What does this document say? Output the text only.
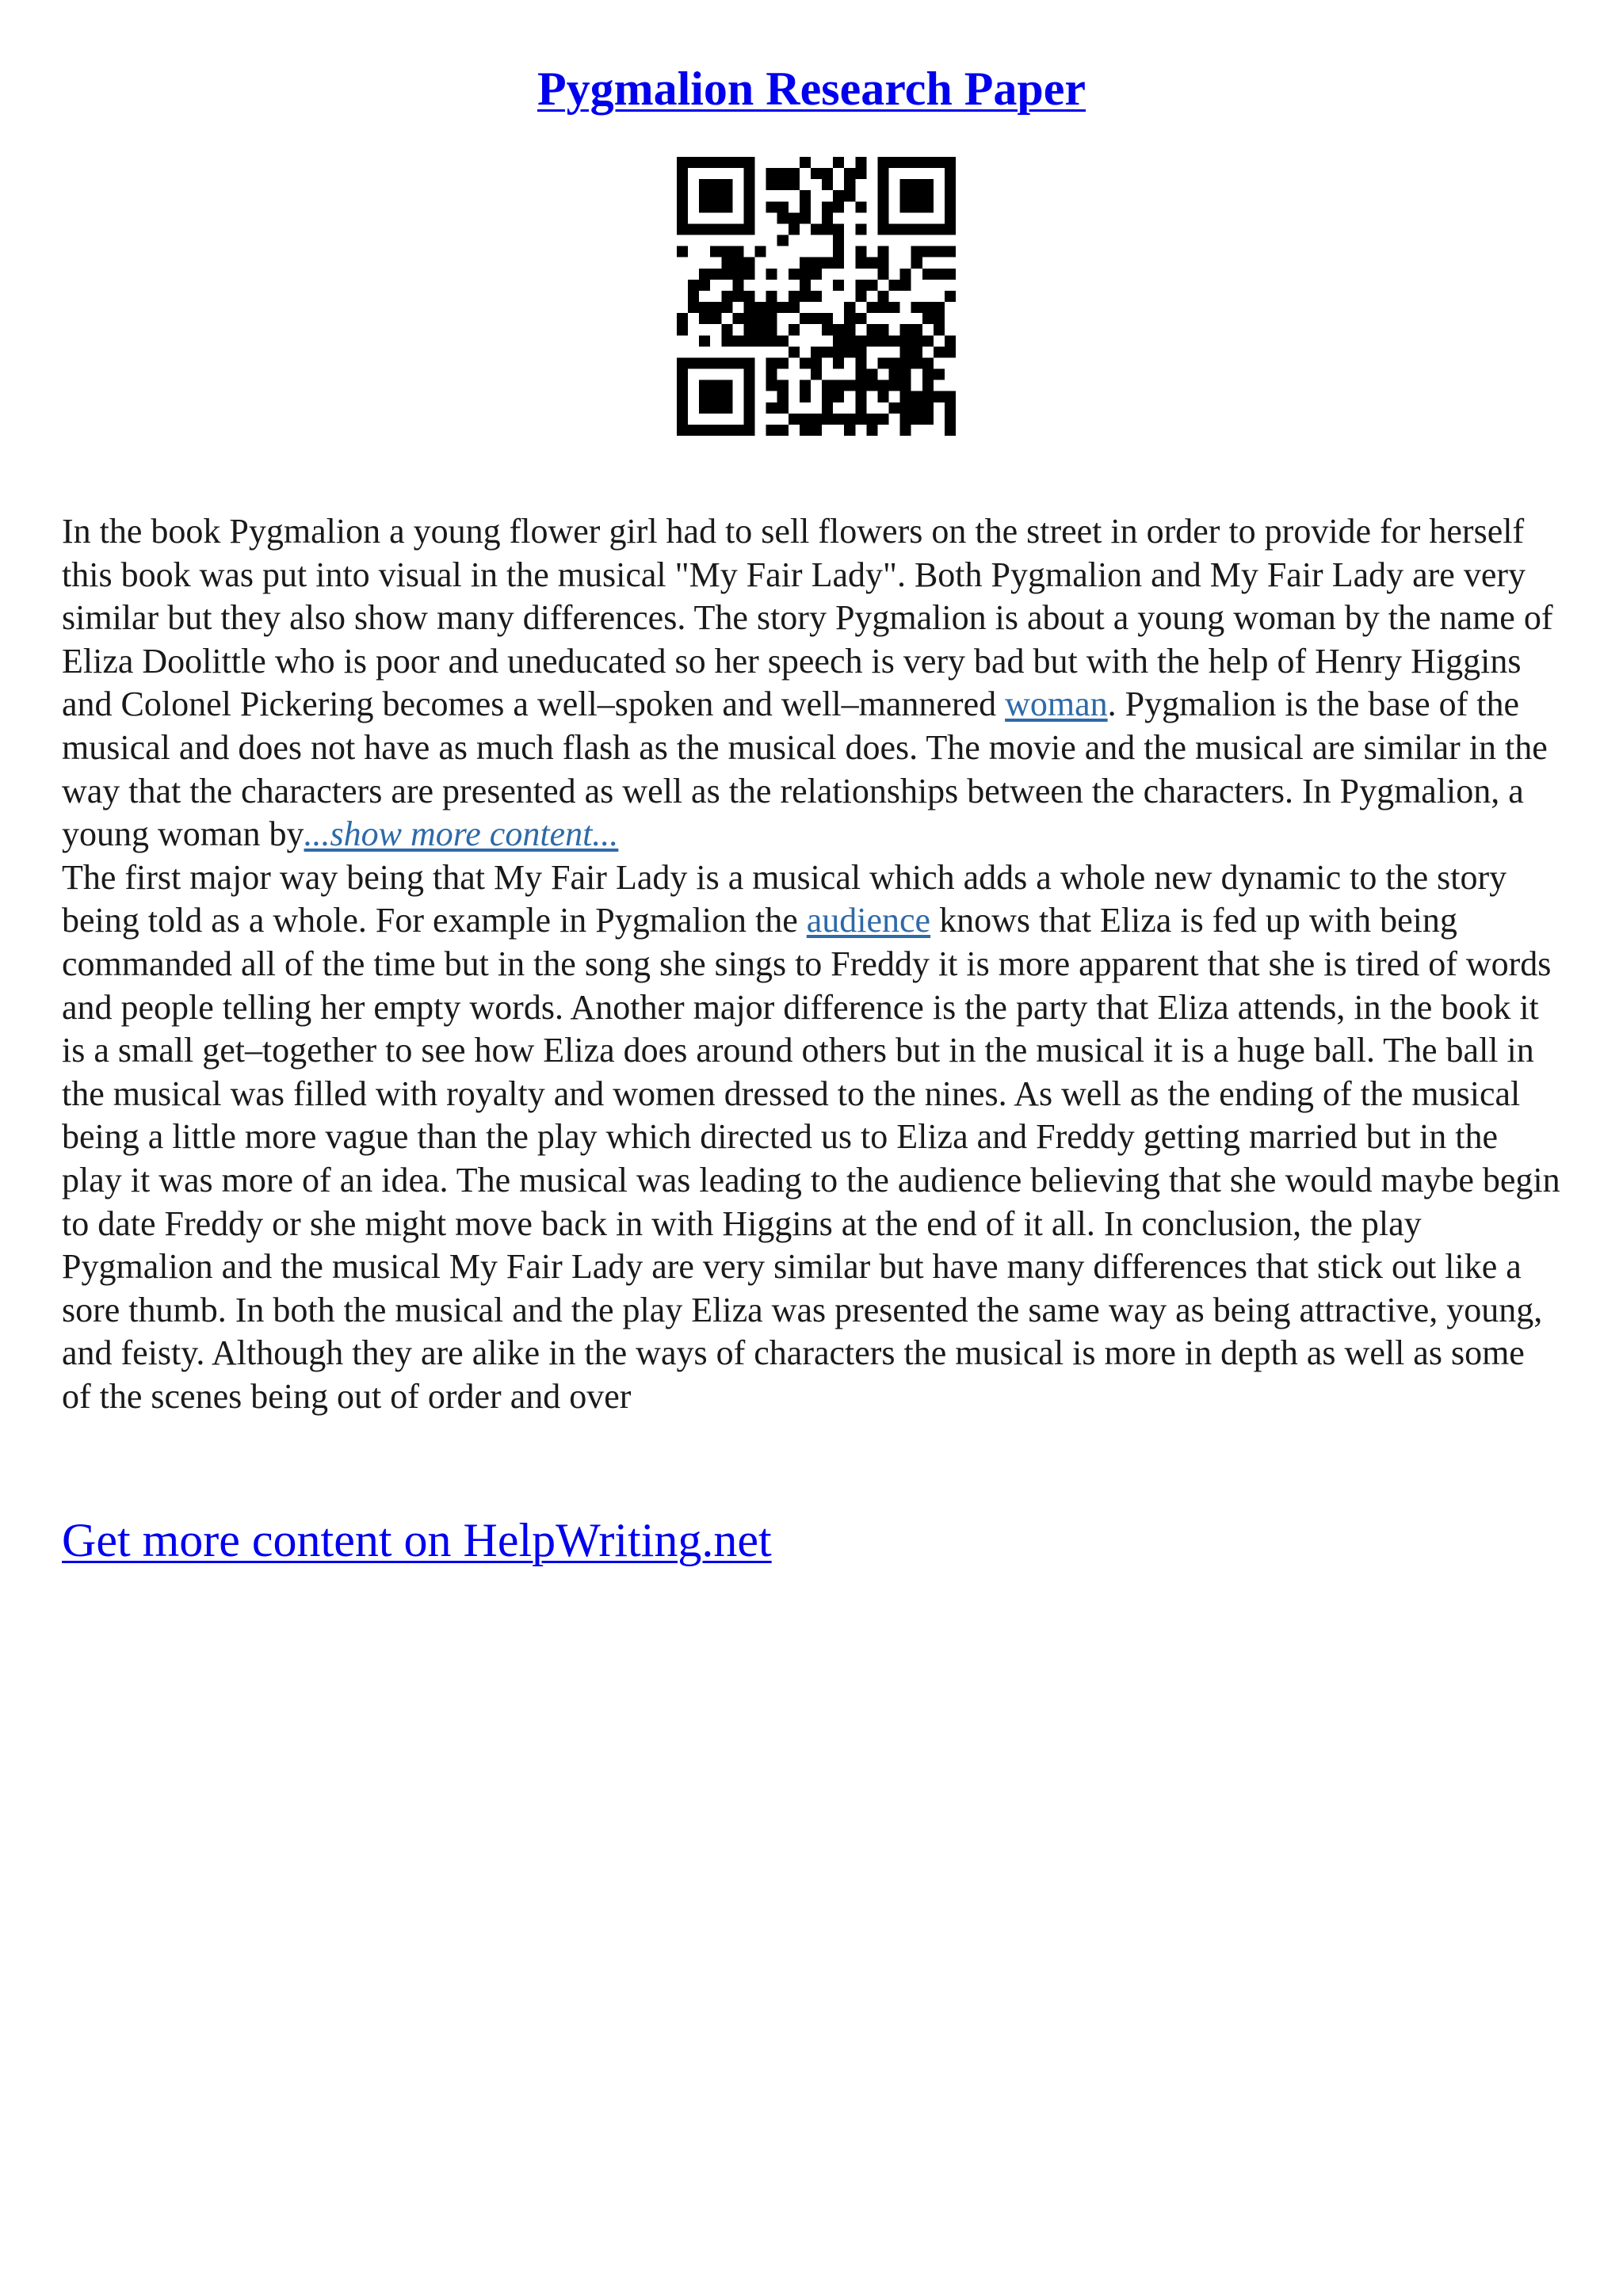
Pygmalion Research Paper

In the book Pygmalion a young flower girl had to sell flowers on the street in order to provide for herself this book was put into visual in the musical "My Fair Lady". Both Pygmalion and My Fair Lady are very similar but they also show many differences. The story Pygmalion is about a young woman by the name of Eliza Doolittle who is poor and uneducated so her speech is very bad but with the help of Henry Higgins and Colonel Pickering becomes a well–spoken and well–mannered woman. Pygmalion is the base of the musical and does not have as much flash as the musical does. The movie and the musical are similar in the way that the characters are presented as well as the relationships between the characters. In Pygmalion, a young woman by...show more content...
The first major way being that My Fair Lady is a musical which adds a whole new dynamic to the story being told as a whole. For example in Pygmalion the audience knows that Eliza is fed up with being commanded all of the time but in the song she sings to Freddy it is more apparent that she is tired of words and people telling her empty words. Another major difference is the party that Eliza attends, in the book it is a small get–together to see how Eliza does around others but in the musical it is a huge ball. The ball in the musical was filled with royalty and women dressed to the nines. As well as the ending of the musical being a little more vague than the play which directed us to Eliza and Freddy getting married but in the play it was more of an idea. The musical was leading to the audience believing that she would maybe begin to date Freddy or she might move back in with Higgins at the end of it all. In conclusion, the play Pygmalion and the musical My Fair Lady are very similar but have many differences that stick out like a sore thumb. In both the musical and the play Eliza was presented the same way as being attractive, young, and feisty. Although they are alike in the ways of characters the musical is more in depth as well as some of the scenes being out of order and over

Get more content on HelpWriting.net
